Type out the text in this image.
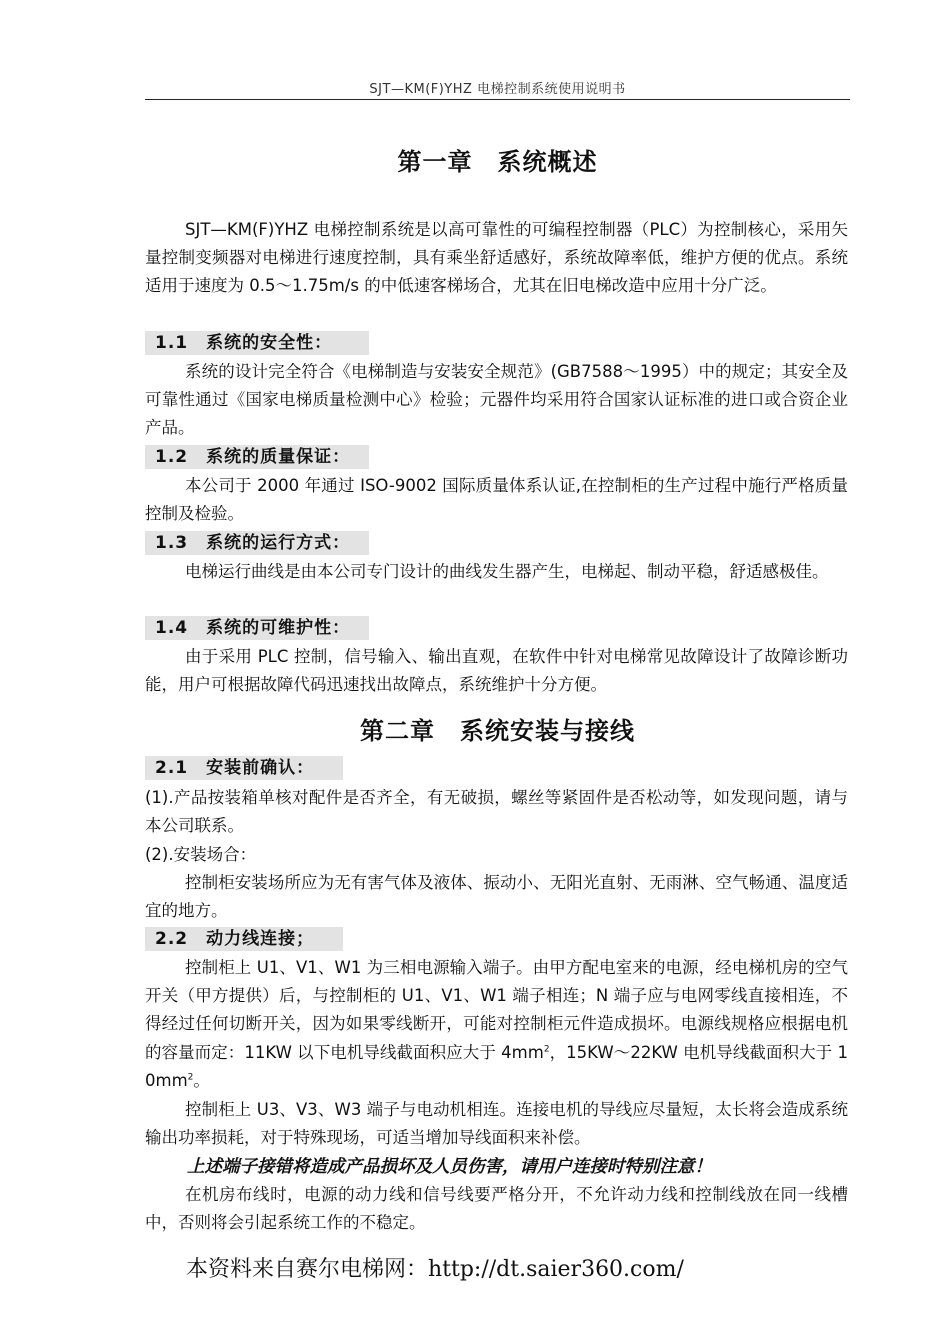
SJT—KM(F)YHZ 电梯控制系统使用说明书
第一章　系统概述
SJT—KM(F)YHZ 电梯控制系统是以高可靠性的可编程控制器（PLC）为控制核心，采用矢量控制变频器对电梯进行速度控制，具有乘坐舒适感好，系统故障率低，维护方便的优点。系统适用于速度为 0.5～1.75m/s 的中低速客梯场合，尤其在旧电梯改造中应用十分广泛。
1.1　系统的安全性：
系统的设计完全符合《电梯制造与安装安全规范》(GB7588～1995）中的规定；其安全及可靠性通过《国家电梯质量检测中心》检验；元器件均采用符合国家认证标准的进口或合资企业产品。
1.2　系统的质量保证：
本公司于 2000 年通过 ISO-9002 国际质量体系认证,在控制柜的生产过程中施行严格质量控制及检验。
1.3　系统的运行方式：
电梯运行曲线是由本公司专门设计的曲线发生器产生，电梯起、制动平稳，舒适感极佳。
1.4　系统的可维护性：
由于采用 PLC 控制，信号输入、输出直观，在软件中针对电梯常见故障设计了故障诊断功能，用户可根据故障代码迅速找出故障点，系统维护十分方便。
第二章　系统安装与接线
2.1　安装前确认：
(1).产品按装箱单核对配件是否齐全，有无破损，螺丝等紧固件是否松动等，如发现问题，请与本公司联系。
(2).安装场合：
控制柜安装场所应为无有害气体及液体、振动小、无阳光直射、无雨淋、空气畅通、温度适宜的地方。
2.2　动力线连接；
控制柜上 U1、V1、W1 为三相电源输入端子。由甲方配电室来的电源，经电梯机房的空气开关（甲方提供）后，与控制柜的 U1、V1、W1 端子相连；N 端子应与电网零线直接相连，不得经过任何切断开关，因为如果零线断开，可能对控制柜元件造成损坏。电源线规格应根据电机的容量而定：11KW 以下电机导线截面积应大于 $4mm^2$，15KW～22KW 电机导线截面积大于 $10mm^2$。
控制柜上 U3、V3、W3 端子与电动机相连。连接电机的导线应尽量短，太长将会造成系统输出功率损耗，对于特殊现场，可适当增加导线面积来补偿。
上述端子接错将造成产品损坏及人员伤害，请用户连接时特别注意！
在机房布线时，电源的动力线和信号线要严格分开，不允许动力线和控制线放在同一线槽中，否则将会引起系统工作的不稳定。
本资料来自赛尔电梯网：http://dt.saier360.com/
